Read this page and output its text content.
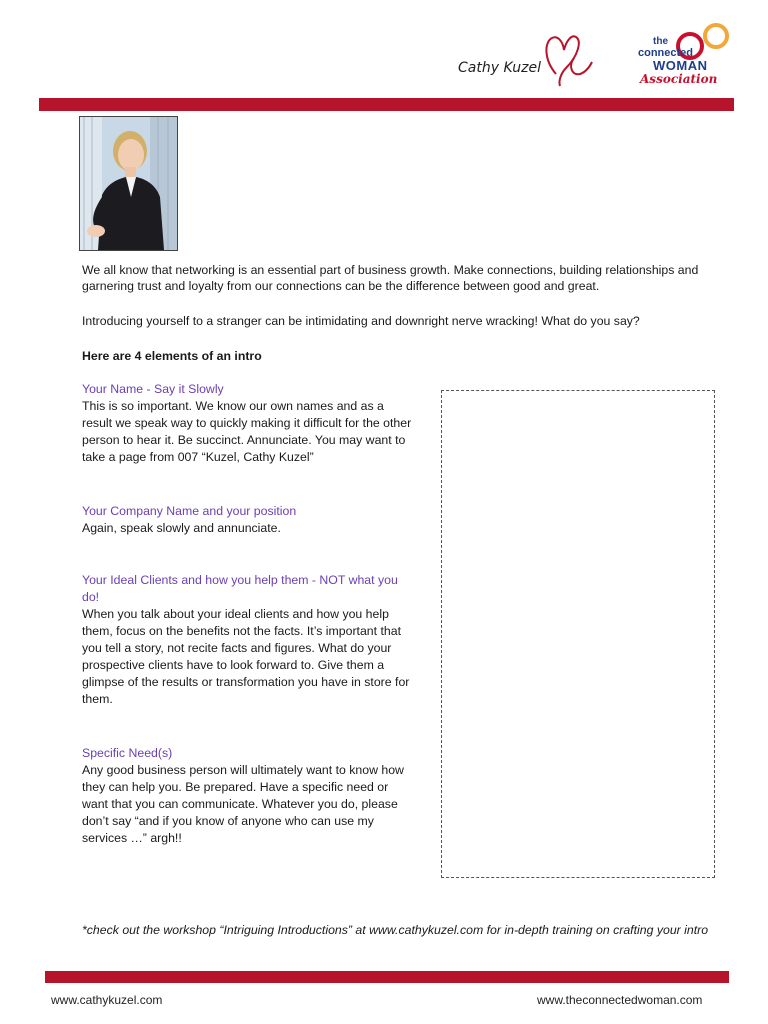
Cathy Kuzel
the
connected
WOMAN
Association

We all know that networking is an essential part of business growth. Make connections, building relationships and garnering trust and loyalty from our connections can be the difference between good and great.

Introducing yourself to a stranger can be intimidating and downright nerve wracking! What do you say?

Here are 4 elements of an intro

Your Name - Say it Slowly

This is so important. We know our own names and as a result we speak way to quickly making it difficult for the other person to hear it. Be succinct. Annunciate. You may want to take a page from 007 “Kuzel, Cathy Kuzel”

Your Company Name and your position

Again, speak slowly and annunciate.

Your Ideal Clients and how you help them - NOT what you do!

When you talk about your ideal clients and how you help them, focus on the benefits not the facts. It’s important that you tell a story, not recite facts and figures. What do your prospective clients have to look forward to. Give them a glimpse of the results or transformation you have in store for them.

Specific Need(s)

Any good business person will ultimately want to know how they can help you. Be prepared. Have a specific need or want that you can communicate. Whatever you do, please don’t say “and if you know of anyone who can use my services …” argh!!

*check out the workshop “Intriguing Introductions” at www.cathykuzel.com for in-depth training on crafting your intro

www.cathykuzel.com	www.theconnectedwoman.com
